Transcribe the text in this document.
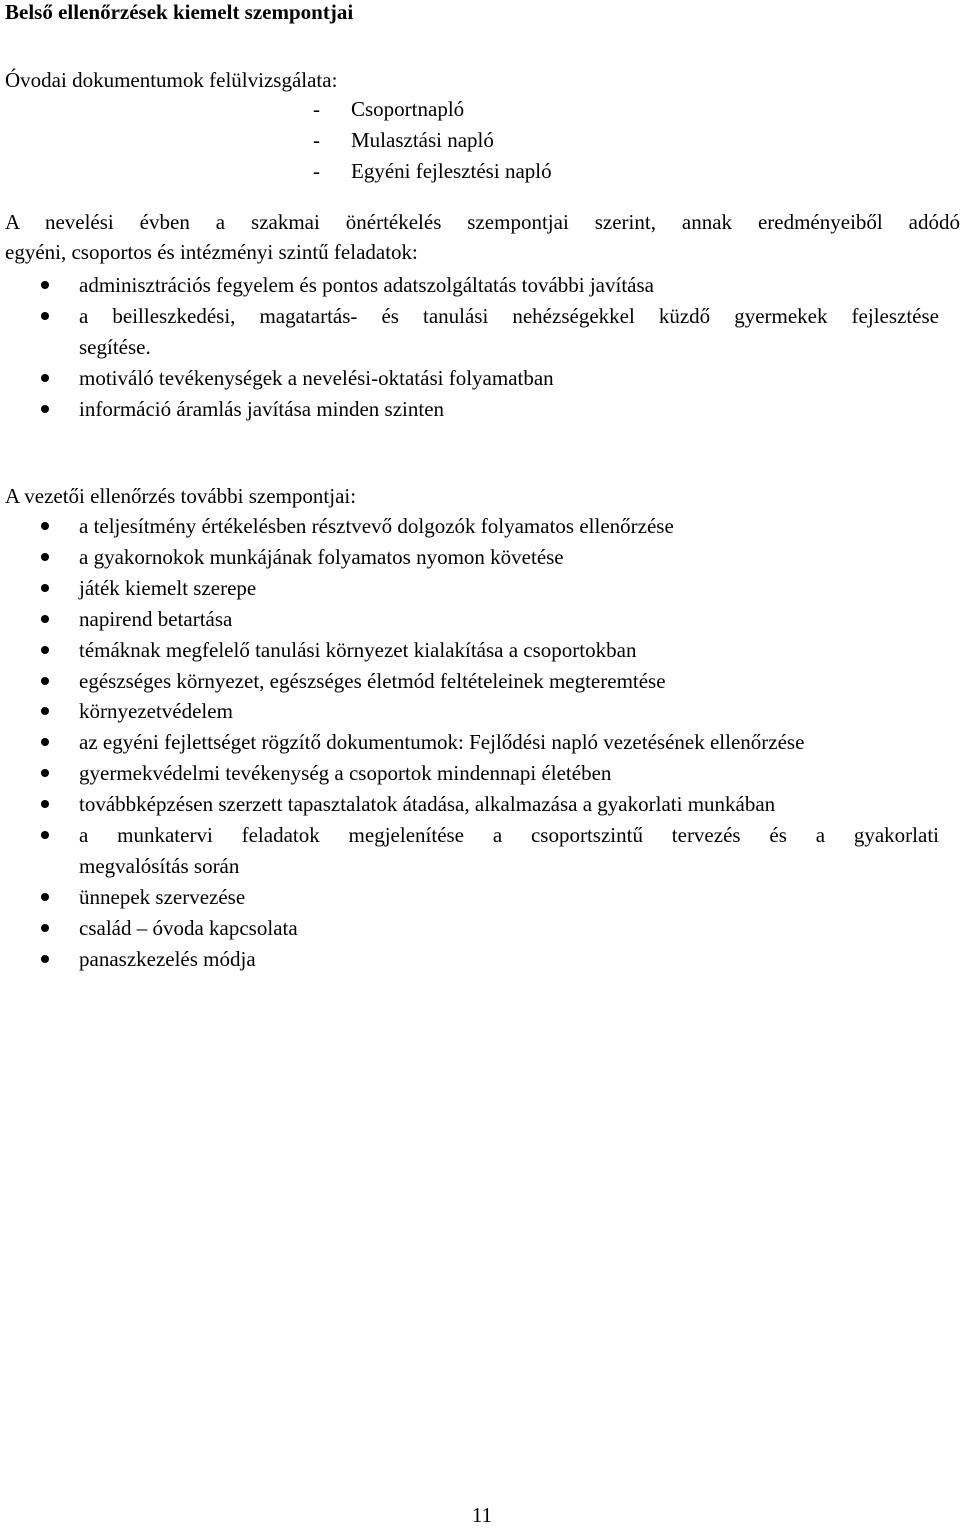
Belső ellenőrzések kiemelt szempontjai
Óvodai dokumentumok felülvizsgálata:
- Csoportnapló
- Mulasztási napló
- Egyéni fejlesztési napló
A nevelési évben a szakmai önértékelés szempontjai szerint, annak eredményeiből adódó
egyéni, csoportos és intézményi szintű feladatok:
adminisztrációs fegyelem és pontos adatszolgáltatás további javítása
a beilleszkedési, magatartás- és tanulási nehézségekkel küzdő gyermekek fejlesztése
segítése.
motiváló tevékenységek a nevelési-oktatási folyamatban
információ áramlás javítása minden szinten
A vezetői ellenőrzés további szempontjai:
a teljesítmény értékelésben résztvevő dolgozók folyamatos ellenőrzése
a gyakornokok munkájának folyamatos nyomon követése
játék kiemelt szerepe
napirend betartása
témáknak megfelelő tanulási környezet kialakítása a csoportokban
egészséges környezet, egészséges életmód feltételeinek megteremtése
környezetvédelem
az egyéni fejlettséget rögzítő dokumentumok: Fejlődési napló vezetésének ellenőrzése
gyermekvédelmi tevékenység a csoportok mindennapi életében
továbbképzésen szerzett tapasztalatok átadása, alkalmazása a gyakorlati munkában
a munkatervi feladatok megjelenítése a csoportszintű tervezés és a gyakorlati
megvalósítás során
ünnepek szervezése
család – óvoda kapcsolata
panaszkezelés módja
11
